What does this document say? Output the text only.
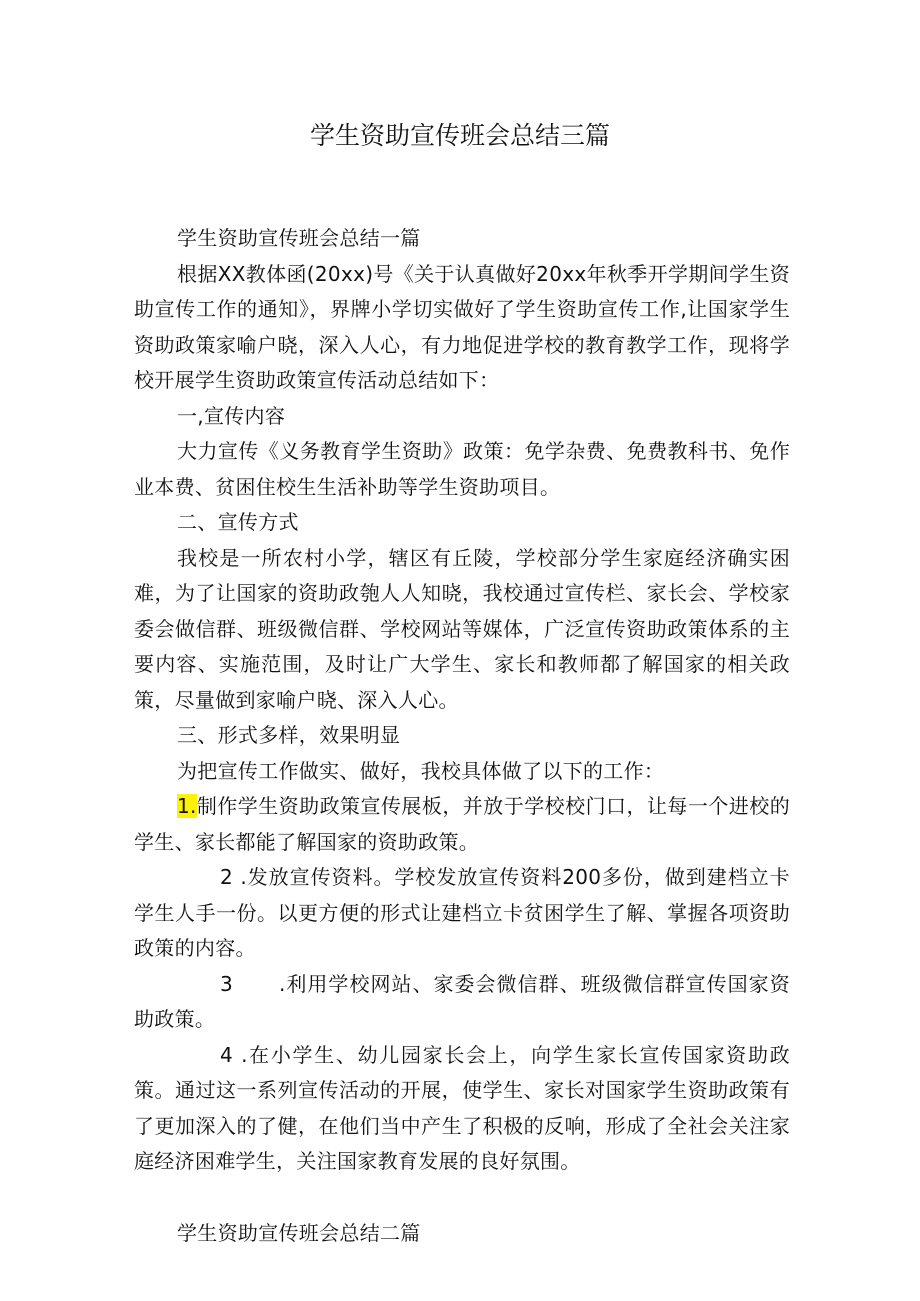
学生资助宣传班会总结三篇

学生资助宣传班会总结一篇

根据XX教体函(20xx)号《关于认真做好20xx年秋季开学期间学生资助宣传工作的通知》，界牌小学切实做好了学生资助宣传工作,让国家学生资助政策家喻户晓，深入人心，有力地促进学校的教育教学工作，现将学校开展学生资助政策宣传活动总结如下：

一,宣传内容

大力宣传《义务教育学生资助》政策：免学杂费、免费教科书、免作业本费、贫困住校生生活补助等学生资助项目。

二、宣传方式

我校是一所农村小学，辖区有丘陵，学校部分学生家庭经济确实困难，为了让国家的资助政匏人人知晓，我校通过宣传栏、家长会、学校家委会做信群、班级微信群、学校网站等媒体，广泛宣传资助政策体系的主要内容、实施范围，及时让广大学生、家长和教师都了解国家的相关政策，尽量做到家喻户晓、深入人心。

三、形式多样，效果明显

为把宣传工作做实、做好，我校具体做了以下的工作：

1.制作学生资助政策宣传展板，并放于学校校门口，让每一个进校的学生、家长都能了解国家的资助政策。

2 .发放宣传资料。学校发放宣传资料200多份，做到建档立卡学生人手一份。以更方便的形式让建档立卡贫困学生了解、掌握各项资助政策的内容。

3 .利用学校网站、家委会微信群、班级微信群宣传国家资助政策。

4 .在小学生、幼儿园家长会上，向学生家长宣传国家资助政策。通过这一系列宣传活动的开展，使学生、家长对国家学生资助政策有了更加深入的了健，在他们当中产生了积极的反响，形成了全社会关注家庭经济困难学生，关注国家教育发展的良好氛围。

学生资助宣传班会总结二篇
